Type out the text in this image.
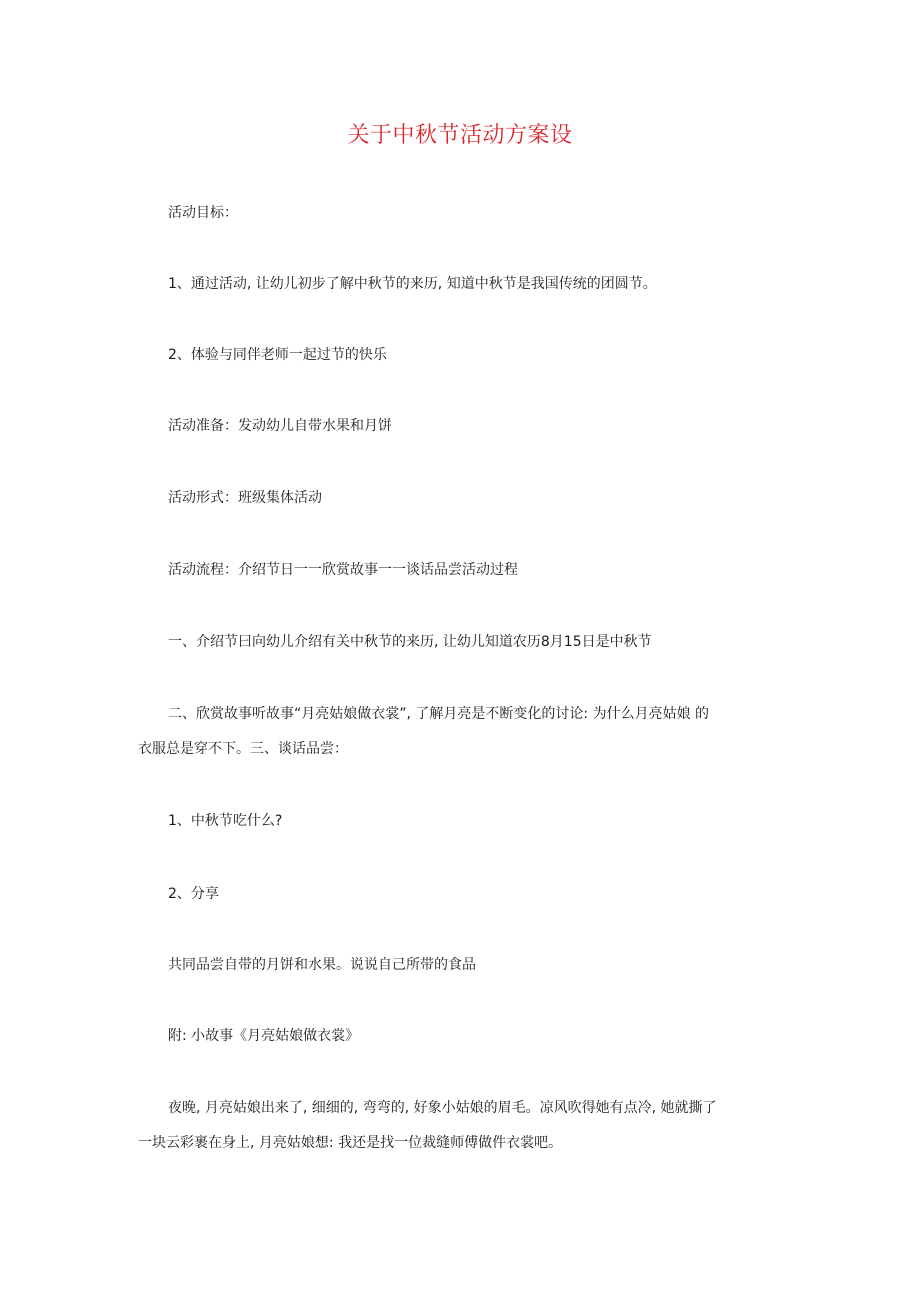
关于中秋节活动方案设
活动目标：
1、通过活动, 让幼儿初步了解中秋节的来历, 知道中秋节是我国传统的团圆节。
2、体验与同伴老师一起过节的快乐
活动准备：发动幼儿自带水果和月饼
活动形式：班级集体活动
活动流程：介绍节日一一欣赏故事一一谈话品尝活动过程
一、介绍节曰向幼儿介绍有关中秋节的来历, 让幼儿知道农历8月15日是中秋节
二、欣赏故事听故事“月亮姑娘做衣裳”, 了解月亮是不断变化的讨论: 为什么月亮姑娘 的
衣服总是穿不下。三、谈话品尝：
1、中秋节吃什么?
2、分享
共同品尝自带的月饼和水果。说说自己所带的食品
附: 小故事《月亮姑娘做衣裳》
夜晚, 月亮姑娘出来了, 细细的, 弯弯的, 好象小姑娘的眉毛。凉风吹得她有点冷, 她就撕了
一块云彩裹在身上, 月亮姑娘想: 我还是找一位裁缝师傅做件衣裳吧。
